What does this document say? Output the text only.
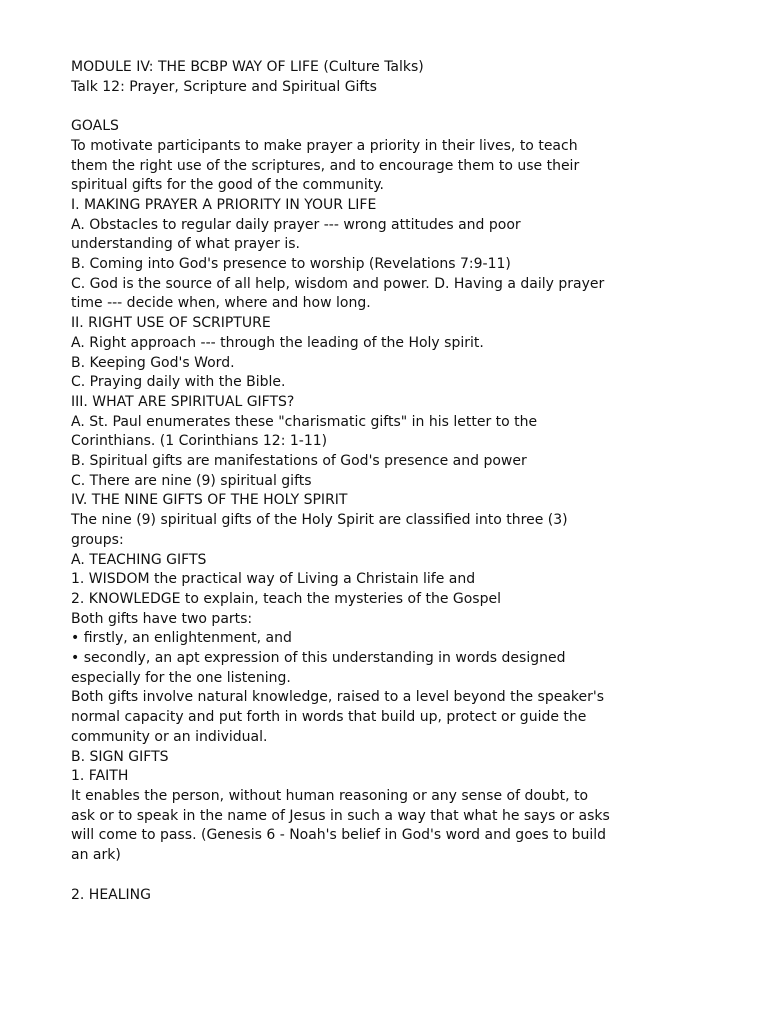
MODULE IV: THE BCBP WAY OF LIFE (Culture Talks)
Talk 12: Prayer, Scripture and Spiritual Gifts
GOALS
To motivate participants to make prayer a priority in their lives, to teach
them the right use of the scriptures, and to encourage them to use their
spiritual gifts for the good of the community.
I. MAKING PRAYER A PRIORITY IN YOUR LIFE
A. Obstacles to regular daily prayer --- wrong attitudes and poor
understanding of what prayer is.
B. Coming into God's presence to worship (Revelations 7:9-11)
C. God is the source of all help, wisdom and power. D. Having a daily prayer
time --- decide when, where and how long.
II. RIGHT USE OF SCRIPTURE
A. Right approach --- through the leading of the Holy spirit.
B. Keeping God's Word.
C. Praying daily with the Bible.
III. WHAT ARE SPIRITUAL GIFTS?
A. St. Paul enumerates these "charismatic gifts" in his letter to the
Corinthians. (1 Corinthians 12: 1-11)
B. Spiritual gifts are manifestations of God's presence and power
C. There are nine (9) spiritual gifts
IV. THE NINE GIFTS OF THE HOLY SPIRIT
The nine (9) spiritual gifts of the Holy Spirit are classified into three (3)
groups:
A. TEACHING GIFTS
1. WISDOM the practical way of Living a Christain life and
2. KNOWLEDGE to explain, teach the mysteries of the Gospel
Both gifts have two parts:
• firstly, an enlightenment, and
• secondly, an apt expression of this understanding in words designed
especially for the one listening.
Both gifts involve natural knowledge, raised to a level beyond the speaker's
normal capacity and put forth in words that build up, protect or guide the
community or an individual.
B. SIGN GIFTS
1. FAITH
It enables the person, without human reasoning or any sense of doubt, to
ask or to speak in the name of Jesus in such a way that what he says or asks
will come to pass. (Genesis 6 - Noah's belief in God's word and goes to build
an ark)
2. HEALING
